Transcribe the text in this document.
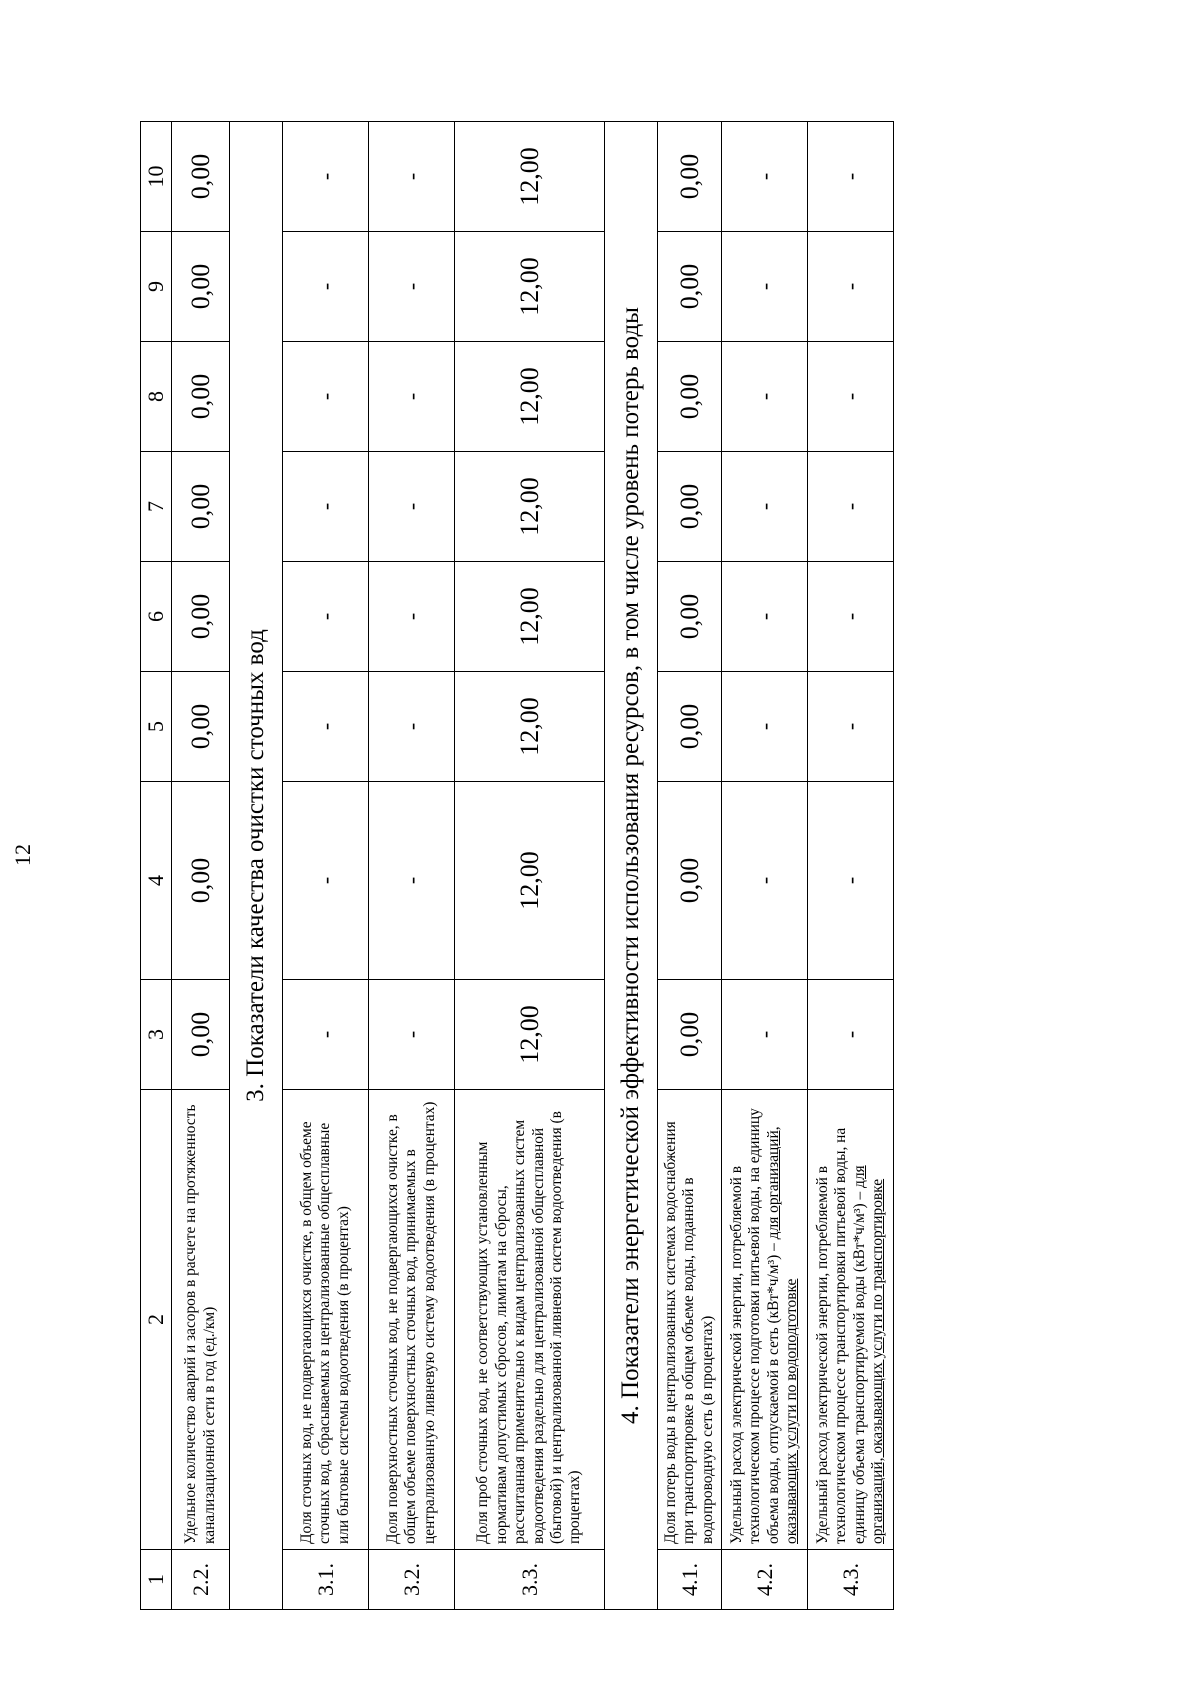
12
1	2	3	4	5	6	7	8	9	10
2.2.	Удельное количество аварий и засоров в расчете на протяженность канализационной сети в год (ед./км)	0,00	0,00	0,00	0,00	0,00	0,00	0,00	0,00
3. Показатели качества очистки сточных вод									
3.1.	Доля сточных вод, не подвергающихся очистке, в общем объеме сточных вод, сбрасываемых в централизованные общесплавные или бытовые системы водоотведения (в процентах)	-	-	-	-	-	-	-	-
3.2.	Доля поверхностных сточных вод, не подвергающихся очистке, в общем объеме поверхностных сточных вод, принимаемых в централизованную ливневую систему водоотведения (в процентах)	-	-	-	-	-	-	-	-
3.3.	Доля проб сточных вод, не соответствующих установленным нормативам допустимых сбросов, лимитам на сбросы, рассчитанная применительно к видам централизованных систем водоотведения раздельно для централизованной общесплавной (бытовой) и централизованной ливневой систем водоотведения (в процентах)	12,00	12,00	12,00	12,00	12,00	12,00	12,00	12,00
4. Показатели энергетической эффективности использования ресурсов, в том числе уровень потерь воды									
4.1.	Доля потерь воды в централизованных системах водоснабжения при транспортировке в общем объеме воды, поданной в водопроводную сеть (в процентах)	0,00	0,00	0,00	0,00	0,00	0,00	0,00	0,00
4.2.	Удельный расход электрической энергии, потребляемой в технологическом процессе подготовки питьевой воды, на единицу объема воды, отпускаемой в сеть (кВт*ч/м³) – для организаций, оказывающих услуги по водоподготовке	-	-	-	-	-	-	-	-
4.3.	Удельный расход электрической энергии, потребляемой в технологическом процессе транспортировки питьевой воды, на единицу объема транспортируемой воды (кВт*ч/м³) – для организаций, оказывающих услуги по транспортировке	-	-	-	-	-	-	-	-
